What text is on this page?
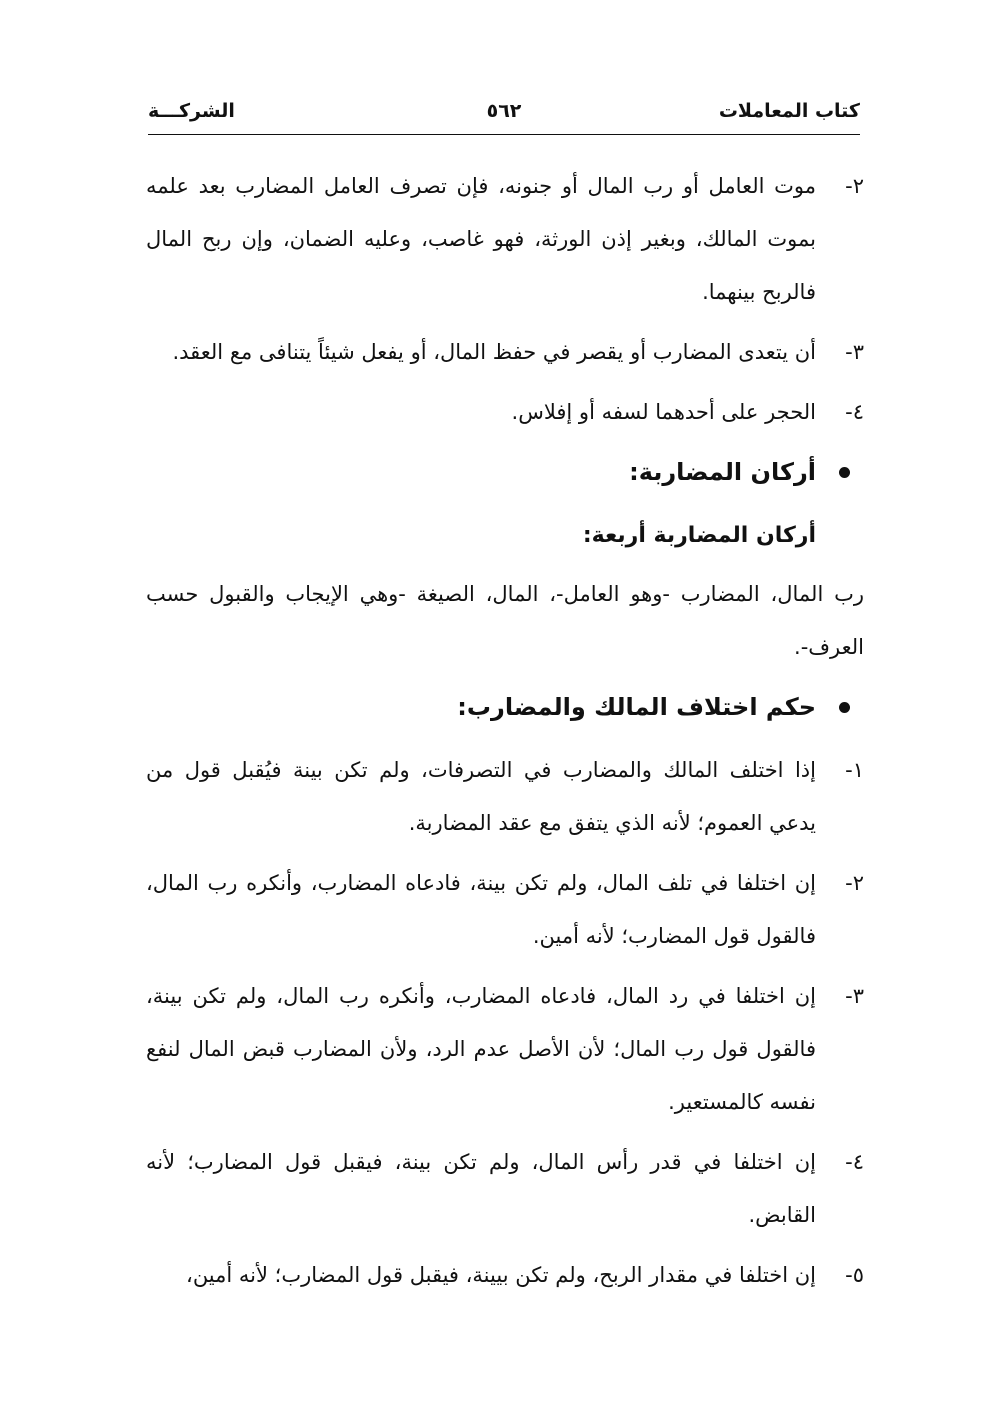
كتاب المعاملات
٥٦٢
الشركـــة
٢-
موت العامل أو رب المال أو جنونه، فإن تصرف العامل المضارب بعد علمه بموت المالك، وبغير إذن الورثة، فهو غاصب، وعليه الضمان، وإن ربح المال فالربح بينهما.
٣-
أن يتعدى المضارب أو يقصر في حفظ المال، أو يفعل شيئاً يتنافى مع العقد.
٤-
الحجر على أحدهما لسفه أو إفلاس.
أركان المضاربة:
أركان المضاربة أربعة:
رب المال، المضارب -وهو العامل-، المال، الصيغة -وهي الإيجاب والقبول حسب العرف-.
حكم اختلاف المالك والمضارب:
١-
إذا اختلف المالك والمضارب في التصرفات، ولم تكن بينة فيُقبل قول من يدعي العموم؛ لأنه الذي يتفق مع عقد المضاربة.
٢-
إن اختلفا في تلف المال، ولم تكن بينة، فادعاه المضارب، وأنكره رب المال، فالقول قول المضارب؛ لأنه أمين.
٣-
إن اختلفا في رد المال، فادعاه المضارب، وأنكره رب المال، ولم تكن بينة، فالقول قول رب المال؛ لأن الأصل عدم الرد، ولأن المضارب قبض المال لنفع نفسه كالمستعير.
٤-
إن اختلفا في قدر رأس المال، ولم تكن بينة، فيقبل قول المضارب؛ لأنه القابض.
٥-
إن اختلفا في مقدار الربح، ولم تكن بيينة، فيقبل قول المضارب؛ لأنه أمين،
